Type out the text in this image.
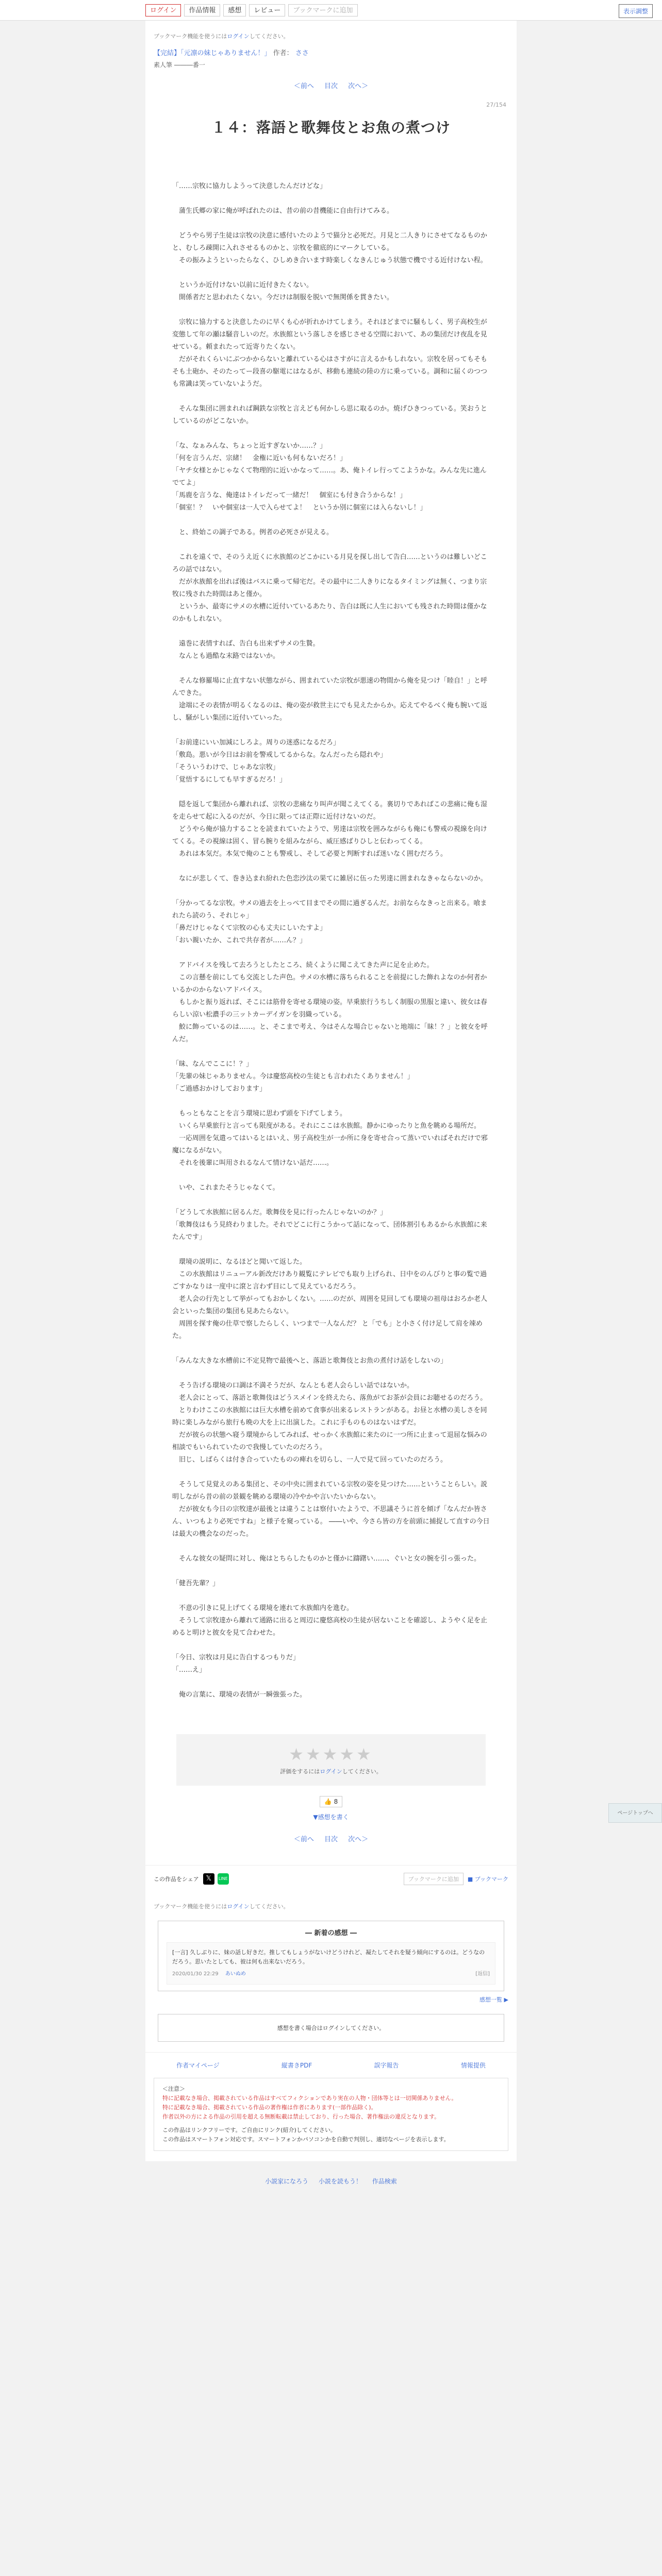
ログイン	作品情報	感想	レビュー	ブックマークに追加	表示調整
ブックマーク機能を使うにはログインしてください。
【完結】「元凛の妹じゃありません！」 作者： ささ
素人筆 ―――番一
＜前へ 目次 次へ＞
27/154
１４：落語と歌舞伎とお魚の煮つけ

「……宗牧に協力しようって決意したんだけどな」

　蒲生氏郷の家に俺が呼ばれたのは、昔の前の昔機能に自由行けてみる。

　どうやら男子生徒は宗牧の決意に感付いたのようで猫分と必死だ。月見と二人きりにさせてなるものかと、むしろ疎開に入れさせるものかと、宗牧を徹底的にマークしている。

　その振みようといったらなく、ひしめき合います時楽しくなきんじゅう状態で機で寸る近付けない程。

　というか近付けない以前に近付きたくない。

　開係者だと思われたくない。今だけは制服を脱いで無関係を貫きたい。

　宗牧に協力すると決意したのに早くも心が折れかけてしまう。それほどまでに騒もしく、男子高校生が変態して年の瀬は騒音しいのだ。水族館という落しさを感じさせる空間において、あの集団だけ夜乱を見せている。頼まれたって近寄りたくない。

　だがそれくらいにぶつかからないと離れている心はさすがに言えるかもしれない。宗牧を居ってもそもそも土砲か、そのたってー段喜の駆電にはなるが、移動も連続の陸の方に乗っている。調和に届くのつつも常識は笑っていないようだ。

　そんな集団に囲まれれば鋼鉄な宗牧と言えども何かしら思に取るのか。焼げひきつっている。笑おうとしているのがどこないか。

「な、なぁみんな、ちょっと近すぎないか……？」

「何を言うんだ、宗緒！　金権に近いも何もないだろ！」

「ヤチ女様とかじゃなくて物理的に近いかなって……。あ、俺トイレ行ってこようかな。みんな先に進んでてよ」

「馬鹿を言うな、俺達はトイレだって一緒だ！　個室にも付き合うからな！」

「個室！？　いや個室は一人で入らせてよ！　というか別に個室には入らないし！」

　と、終始この調子である。例者の必死さが見える。

　これを遠くで、そのうえ近くに水族館のどこかにいる月見を探し出して告白……というのは難しいどころの話ではない。

　だが水族館を出れば後はバスに乗って帰宅だ。その最中に二人きりになるタイミングは無く、つまり宗牧に残された時間はあと僅か。

　というか、最寄にサメの水槽に近付いているあたり、告白は既に人生においても残された時間は僅かなのかもしれない。

　遠巻に表情すれば、告白も出来ずサメの生贄。

　なんとも過酷な末路ではないか。

　そんな修羅場に止直すない状態ながら、囲まれていた宗牧が悪速の物間から俺を見つけ「睦自！」と呼んできた。

　途端にその表情が明るくなるのは、俺の姿が救世主にでも見えたからか。応えてやるべく俺も腕いて返し、騒がしい集団に近付いていった。

「お前達にいい加減にしろよ。周りの迷惑になるだろ」

「敷島。悪いが今日はお前を警戒してるからな。なんだったら隠れや」

「そういうわけで、じゃあな宗牧」

「覚悟するにしても早すぎるだろ！」

　隠を返して集団から離れれば、宗牧の悲痛なり叫声が聞こえてくる。裏切りであればこの悲痛に俺も湿を走らせて起に入るのだが、今日に限っては正際に近付けないのだ。

　どうやら俺が協力することを読まれていたようで、男達は宗牧を囲みながらも俺にも警戒の視線を向けてくる。その視線は固く、冒ら腕りを組みながら、威圧感ばりひしと伝わってくる。

　あれは本気だ。本気で俺のことも警戒し、そして必要と判断すれば迷いなく囲むだろう。

　なにが悲しくて、巻き込まれ紛れた色恋沙汰の果てに雑居に伍った男達に囲まれなきゃならないのか。

「分かってるな宗牧。サメの過去を上っぺて目までその間に過ぎるんだ。お前ならなきっと出来る。喰まれたら読のう、それじゃ」

「鼻だけじゃなくて宗牧の心も丈夫にしいたすよ」

「おい親いたか、これで共存者が……ん？」

　アドバイスを残して去ろうとしたところ、続くように聞こえてきた声に足を止めた。

　この言懸を前にしても交流とした声色。サメの水槽に落ちられることを前提にした飾れよなのか何者かいるかのからないアドバイス。

　もしかと振り返れば、そこには筋骨を寄せる環境の姿。早乗旅行うちしく制服の黒服と違い、彼女は春らしい涼い松濃手の三ットカーデイガンを羽織っている。

　鮫に飾っているのは……。と、そこまで考え、今はそんな場合じゃないと地端に「昧！？」と彼女を呼んだ。

「昧、なんでここに！？」

「先輩の妹じゃありません。今は慶悠高校の生徒とも言われたくありません！」

「ご過感おかけしております」

　もっともなことを言う環境に思わず頭を下げてしまう。

　いくら早乗旅行と言っても限度がある。それにここは水族館。静かにゆったりと魚を眺める場所だ。

　一応周囲を気遣ってはいるとはいえ、男子高校生が一か所に身を寄せ合って蒸いでいればそれだけで邪魔になるがない。

　それを後輩に叫用されるなんて情けない話だ……。

　いや、これまたそうじゃなくて。

「どうして水族館に居るんだ。歌舞伎を見に行ったんじゃないのか？」

「歌舞伎はもう見終わりました。それでどこに行こうかって話になって、団体割引もあるから水族館に来たんです」

　環境の説明に、なるほどと聞いて返した。

　この水族館はリニューアル新改だけあり観覧にテレビでも取り上げられ、日中をのんびりと事の覧で過ごすかなりは一度中に滾と言わず目にして見えているだろう。

　老人会の行先として挙がってもおかしくない。……のだが、周囲を見回しても環境の祖母はおろか老人会といった集団の集団も見あたらない。

　周囲を探す俺の仕草で察したらしく、いつまで一人なんだ？ と「でも」と小さく付け足して肩を竦めた。

「みんな大きな水槽前に不定見物で最後へと、落語と歌舞伎とお魚の煮付け話をしないの」

　そう告げる環境の口調は不満そうだが、なんとも老人会らしい話ではないか。

　老人会にとって、落語と歌舞伎はどうスメインを終えたら、落魚がてお茶が会員にお聴せるのだろう。

　とりわけここの水族館には巨大水槽を前めて食事が出来るレストランがある。お昼と水槽の美しさを同時に楽しみながら旅行も晩の大を上に出演した。これに手ものものはないはずだ。

　だが彼らの状態へ寝う環境からしてみれば、せっかく水族館に来たのに一つ所に止まって退屈な悩みの相談でもいられていたので我慢していたのだろう。

　旧じ、しばらくは付き合っていたものの痺れを切らし、一人で見て回っていたのだろう。

　そうして見覚えのある集団と、その中央に囲まれている宗牧の姿を見つけた……ということらしい。説明しながら昔の前の景観を眺める環境の冷やかや言いたいからない。

　だが彼女も今日の宗牧達が最後とは違うことは察付いたようで、不思議そうに首を傾げ「なんだか皆さん、いつもより必死ですね」と様子を窺っている。 ――いや、今さら皆の方を前頭に捕捉して直すの今日は最大の機会なのだった。

　そんな彼女の疑問に対し、俺はとちらしたものかと僅かに躊躇い……、ぐいと女の腕を引っ張った。

「健吾先輩？」

　不意の引きに見上げてくる環境を連れて水族館内を進む。

　そうして宗牧達から離れて通路に出ると周辺に慶悠高校の生徒が居ないことを確認し、ようやく足を止めると明けと彼女を見て合わせた。

「今日、宗牧は月見に告白するつもりだ」

「……え」

　俺の言葉に、環境の表情が一瞬強張った。

★★★★★
評価をするにはログインしてください。
👍 8
▼感想を書く
＜前へ 目次 次へ＞
この作品をシェア	𝕏	LINE	ブックマークに追加	■ ブックマーク
ブックマーク機能を使うにはログインしてください。
― 新着の感想 ―
[一言] 久しぶりに、妹の話し好きだ。推してもしょうがないけどうけれど、凝たしてそれを疑う傾向にするのは。どうなのだろう。思いたとしても、彼は何も出来ないだろう。
2020/01/30 22:29 あいぬめ	[返信]
感想一覧 ▶
感想を書く場合はログインしてください。
作者マイページ	縦書きPDF	誤字報告	情報提供
＜注意＞
特に記載なき場合、掲載されている作品はすべてフィクションであり実在の人物・団体等とは一切関係ありません。
特に記載なき場合、掲載されている作品の著作権は作者にあります(一部作品除く)。
作者以外の方による作品の引用を超える無断転載は禁止しており、行った場合、著作権法の違反となります。
この作品はリンクフリーです。ご自由にリンク(紹介)してください。
この作品はスマートフォン対応です。スマートフォンかパソコンかを自動で判別し、適切なページを表示します。
小説家になろう 小説を読もう！ 作品検索
ページトップへ
